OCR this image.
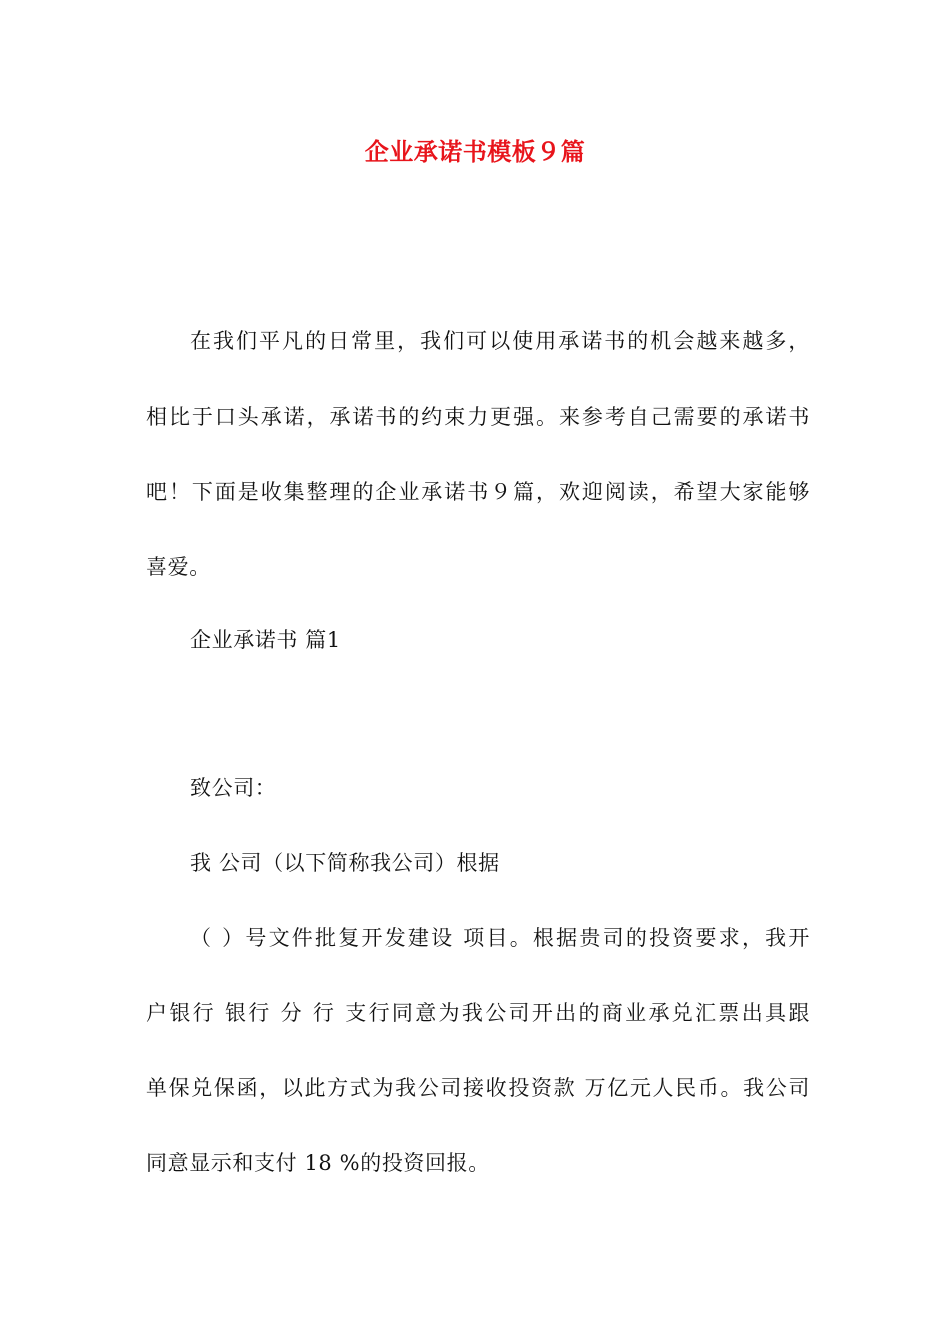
企业承诺书模板９篇
在我们平凡的日常里，我们可以使用承诺书的机会越来越多，
相比于口头承诺，承诺书的约束力更强。来参考自己需要的承诺书
吧！下面是收集整理的企业承诺书９篇，欢迎阅读，希望大家能够
喜爱。
企业承诺书 篇1
致公司：
我 公司（以下简称我公司）根据
（ ）号文件批复开发建设 项目。根据贵司的投资要求，我开
户银行 银行 分 行 支行同意为我公司开出的商业承兑汇票出具跟
单保兑保函，以此方式为我公司接收投资款 万亿元人民币。我公司
同意显示和支付 18 %的投资回报。
